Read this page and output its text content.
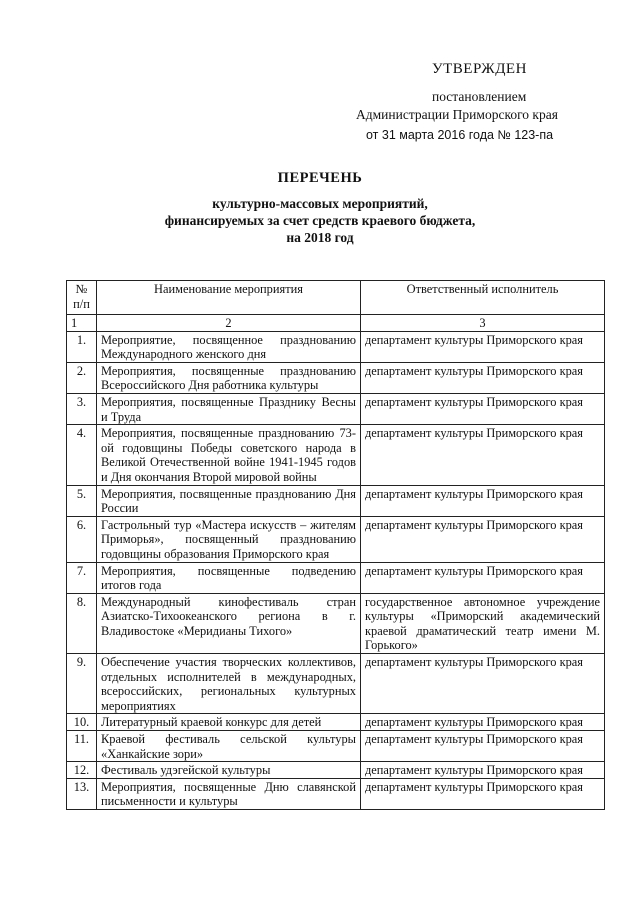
УТВЕРЖДЕН
постановлением
Администрации Приморского края
от 31 марта 2016 года № 123-па
ПЕРЕЧЕНЬ
культурно-массовых мероприятий,
финансируемых за счет средств краевого бюджета,
на 2018 год
№ п/п	Наименование мероприятия	Ответственный исполнитель
1	2	3
1.	Мероприятие, посвященное празднованию Международного женского дня	департамент культуры Приморского края
2.	Мероприятия, посвященные празднованию Всероссийского Дня работника культуры	департамент культуры Приморского края
3.	Мероприятия, посвященные Празднику Весны и Труда	департамент культуры Приморского края
4.	Мероприятия, посвященные празднованию 73-ой годовщины Победы советского народа в Великой Отечественной войне 1941-1945 годов и Дня окончания Второй мировой войны	департамент культуры Приморского края
5.	Мероприятия, посвященные празднованию Дня России	департамент культуры Приморского края
6.	Гастрольный тур «Мастера искусств – жителям Приморья», посвященный празднованию годовщины образования Приморского края	департамент культуры Приморского края
7.	Мероприятия, посвященные подведению итогов года	департамент культуры Приморского края
8.	Международный кинофестиваль стран Азиатско-Тихоокеанского региона в г. Владивостоке «Меридианы Тихого»	государственное автономное учреждение культуры «Приморский академический краевой драматический театр имени М. Горького»
9.	Обеспечение участия творческих коллективов, отдельных исполнителей в международных, всероссийских, региональных культурных мероприятиях	департамент культуры Приморского края
10.	Литературный краевой конкурс для детей	департамент культуры Приморского края
11.	Краевой фестиваль сельской культуры «Ханкайские зори»	департамент культуры Приморского края
12.	Фестиваль удэгейской культуры	департамент культуры Приморского края
13.	Мероприятия, посвященные Дню славянской письменности и культуры	департамент культуры Приморского края
